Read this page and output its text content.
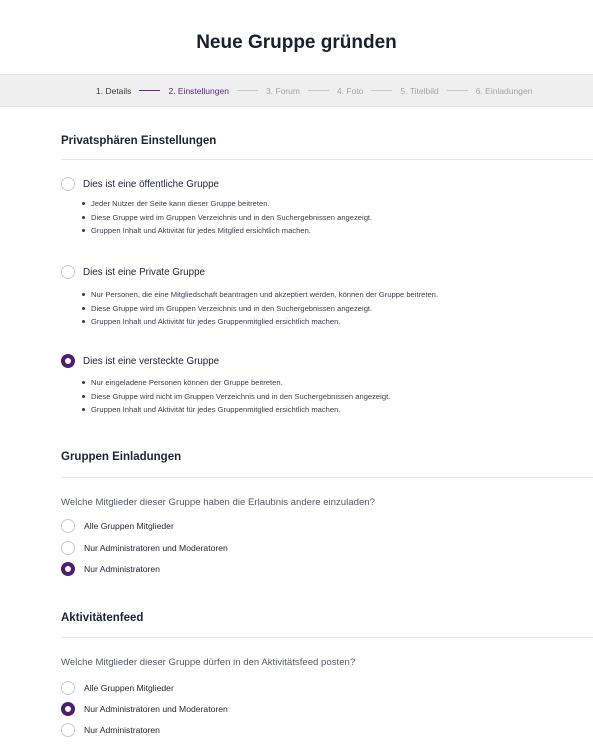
Neue Gruppe gründen
1. Details	2. Einstellungen	3. Forum	4. Foto	5. Titelbild	6. Einladungen
Privatsphären Einstellungen
Dies ist eine öffentliche Gruppe
Jeder Nutzer der Seite kann dieser Gruppe beitreten.
Diese Gruppe wird im Gruppen Verzeichnis und in den Suchergebnissen angezeigt.
Gruppen Inhalt und Aktivität für jedes Mitglied ersichtlich machen.
Dies ist eine Private Gruppe
Nur Personen, die eine Mitgliedschaft beantragen und akzeptiert werden, können der Gruppe beitreten.
Diese Gruppe wird im Gruppen Verzeichnis und in den Suchergebnissen angezeigt.
Gruppen Inhalt und Aktivität für jedes Gruppenmitglied ersichtlich machen.
Dies ist eine versteckte Gruppe
Nur eingeladene Personen können der Gruppe beitreten.
Diese Gruppe wird nicht im Gruppen Verzeichnis und in den Suchergebnissen angezeigt.
Gruppen Inhalt und Aktivität für jedes Gruppenmitglied ersichtlich machen.
Gruppen Einladungen

Welche Mitglieder dieser Gruppe haben die Erlaubnis andere einzuladen?

Alle Gruppen Mitglieder
Nur Administratoren und Moderatoren
Nur Administratoren
Aktivitätenfeed

Welche Mitglieder dieser Gruppe dürfen in den Aktivitätsfeed posten?

Alle Gruppen Mitglieder
Nur Administratoren und Moderatoren
Nur Administratoren
